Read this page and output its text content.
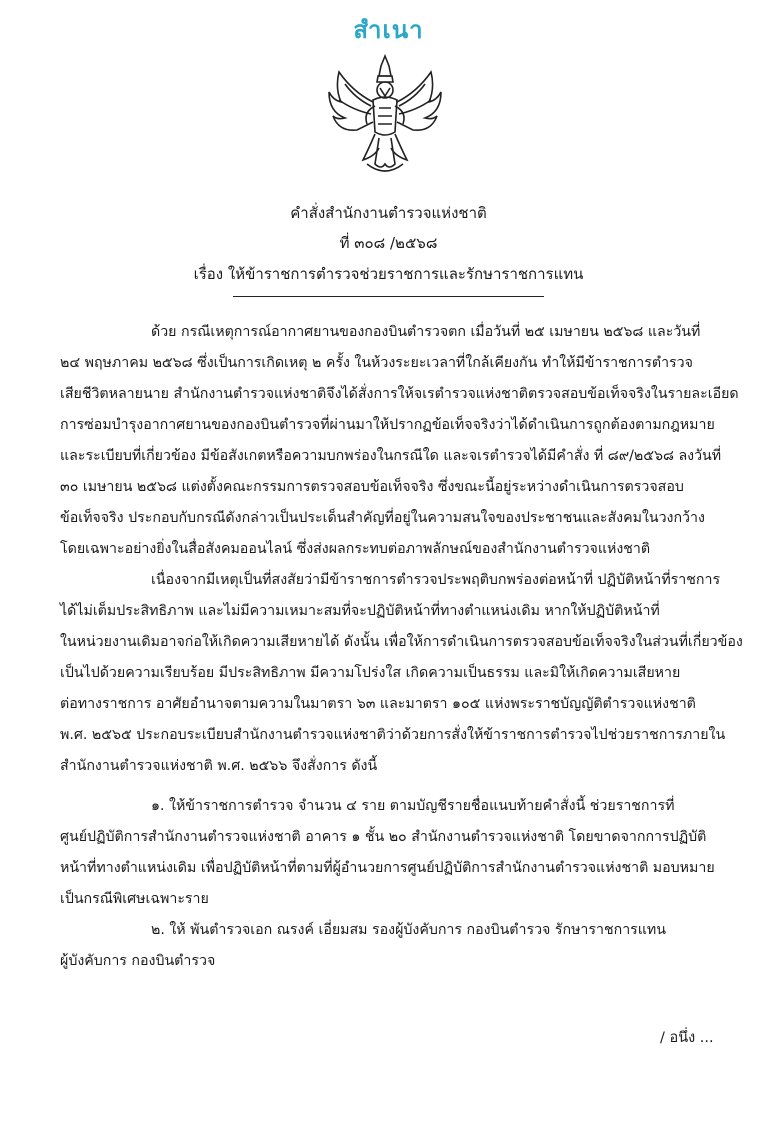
สำเนา
คำสั่งสำนักงานตำรวจแห่งชาติ
ที่ ๓๐๘ /๒๕๖๘
เรื่อง ให้ข้าราชการตำรวจช่วยราชการและรักษาราชการแทน
ด้วย กรณีเหตุการณ์อากาศยานของกองบินตำรวจตก เมื่อวันที่ ๒๕ เมษายน ๒๕๖๘ และวันที่
๒๔ พฤษภาคม ๒๕๖๘ ซึ่งเป็นการเกิดเหตุ ๒ ครั้ง ในห้วงระยะเวลาที่ใกล้เคียงกัน ทำให้มีข้าราชการตำรวจ
เสียชีวิตหลายนาย สำนักงานตำรวจแห่งชาติจึงได้สั่งการให้จเรตำรวจแห่งชาติตรวจสอบข้อเท็จจริงในรายละเอียด
การซ่อมบำรุงอากาศยานของกองบินตำรวจที่ผ่านมาให้ปรากฏข้อเท็จจริงว่าได้ดำเนินการถูกต้องตามกฎหมาย
และระเบียบที่เกี่ยวข้อง มีข้อสังเกตหรือความบกพร่องในกรณีใด และจเรตำรวจได้มีคำสั่ง ที่ ๘๙/๒๕๖๘ ลงวันที่
๓๐ เมษายน ๒๕๖๘ แต่งตั้งคณะกรรมการตรวจสอบข้อเท็จจริง ซึ่งขณะนี้อยู่ระหว่างดำเนินการตรวจสอบ
ข้อเท็จจริง ประกอบกับกรณีดังกล่าวเป็นประเด็นสำคัญที่อยู่ในความสนใจของประชาชนและสังคมในวงกว้าง
โดยเฉพาะอย่างยิ่งในสื่อสังคมออนไลน์ ซึ่งส่งผลกระทบต่อภาพลักษณ์ของสำนักงานตำรวจแห่งชาติ
เนื่องจากมีเหตุเป็นที่สงสัยว่ามีข้าราชการตำรวจประพฤติบกพร่องต่อหน้าที่ ปฏิบัติหน้าที่ราชการ
ได้ไม่เต็มประสิทธิภาพ และไม่มีความเหมาะสมที่จะปฏิบัติหน้าที่ทางตำแหน่งเดิม หากให้ปฏิบัติหน้าที่
ในหน่วยงานเดิมอาจก่อให้เกิดความเสียหายได้ ดังนั้น เพื่อให้การดำเนินการตรวจสอบข้อเท็จจริงในส่วนที่เกี่ยวข้อง
เป็นไปด้วยความเรียบร้อย มีประสิทธิภาพ มีความโปร่งใส เกิดความเป็นธรรม และมิให้เกิดความเสียหาย
ต่อทางราชการ อาศัยอำนาจตามความในมาตรา ๖๓ และมาตรา ๑๐๕ แห่งพระราชบัญญัติตำรวจแห่งชาติ
พ.ศ. ๒๕๖๕ ประกอบระเบียบสำนักงานตำรวจแห่งชาติว่าด้วยการสั่งให้ข้าราชการตำรวจไปช่วยราชการภายใน
สำนักงานตำรวจแห่งชาติ พ.ศ. ๒๕๖๖ จึงสั่งการ ดังนี้
๑. ให้ข้าราชการตำรวจ จำนวน ๔ ราย ตามบัญชีรายชื่อแนบท้ายคำสั่งนี้ ช่วยราชการที่
ศูนย์ปฏิบัติการสำนักงานตำรวจแห่งชาติ อาคาร ๑ ชั้น ๒๐ สำนักงานตำรวจแห่งชาติ โดยขาดจากการปฏิบัติ
หน้าที่ทางตำแหน่งเดิม เพื่อปฏิบัติหน้าที่ตามที่ผู้อำนวยการศูนย์ปฏิบัติการสำนักงานตำรวจแห่งชาติ มอบหมาย
เป็นกรณีพิเศษเฉพาะราย
๒. ให้ พันตำรวจเอก ณรงค์ เอี่ยมสม รองผู้บังคับการ กองบินตำรวจ รักษาราชการแทน
ผู้บังคับการ กองบินตำรวจ
/ อนึ่ง ...
